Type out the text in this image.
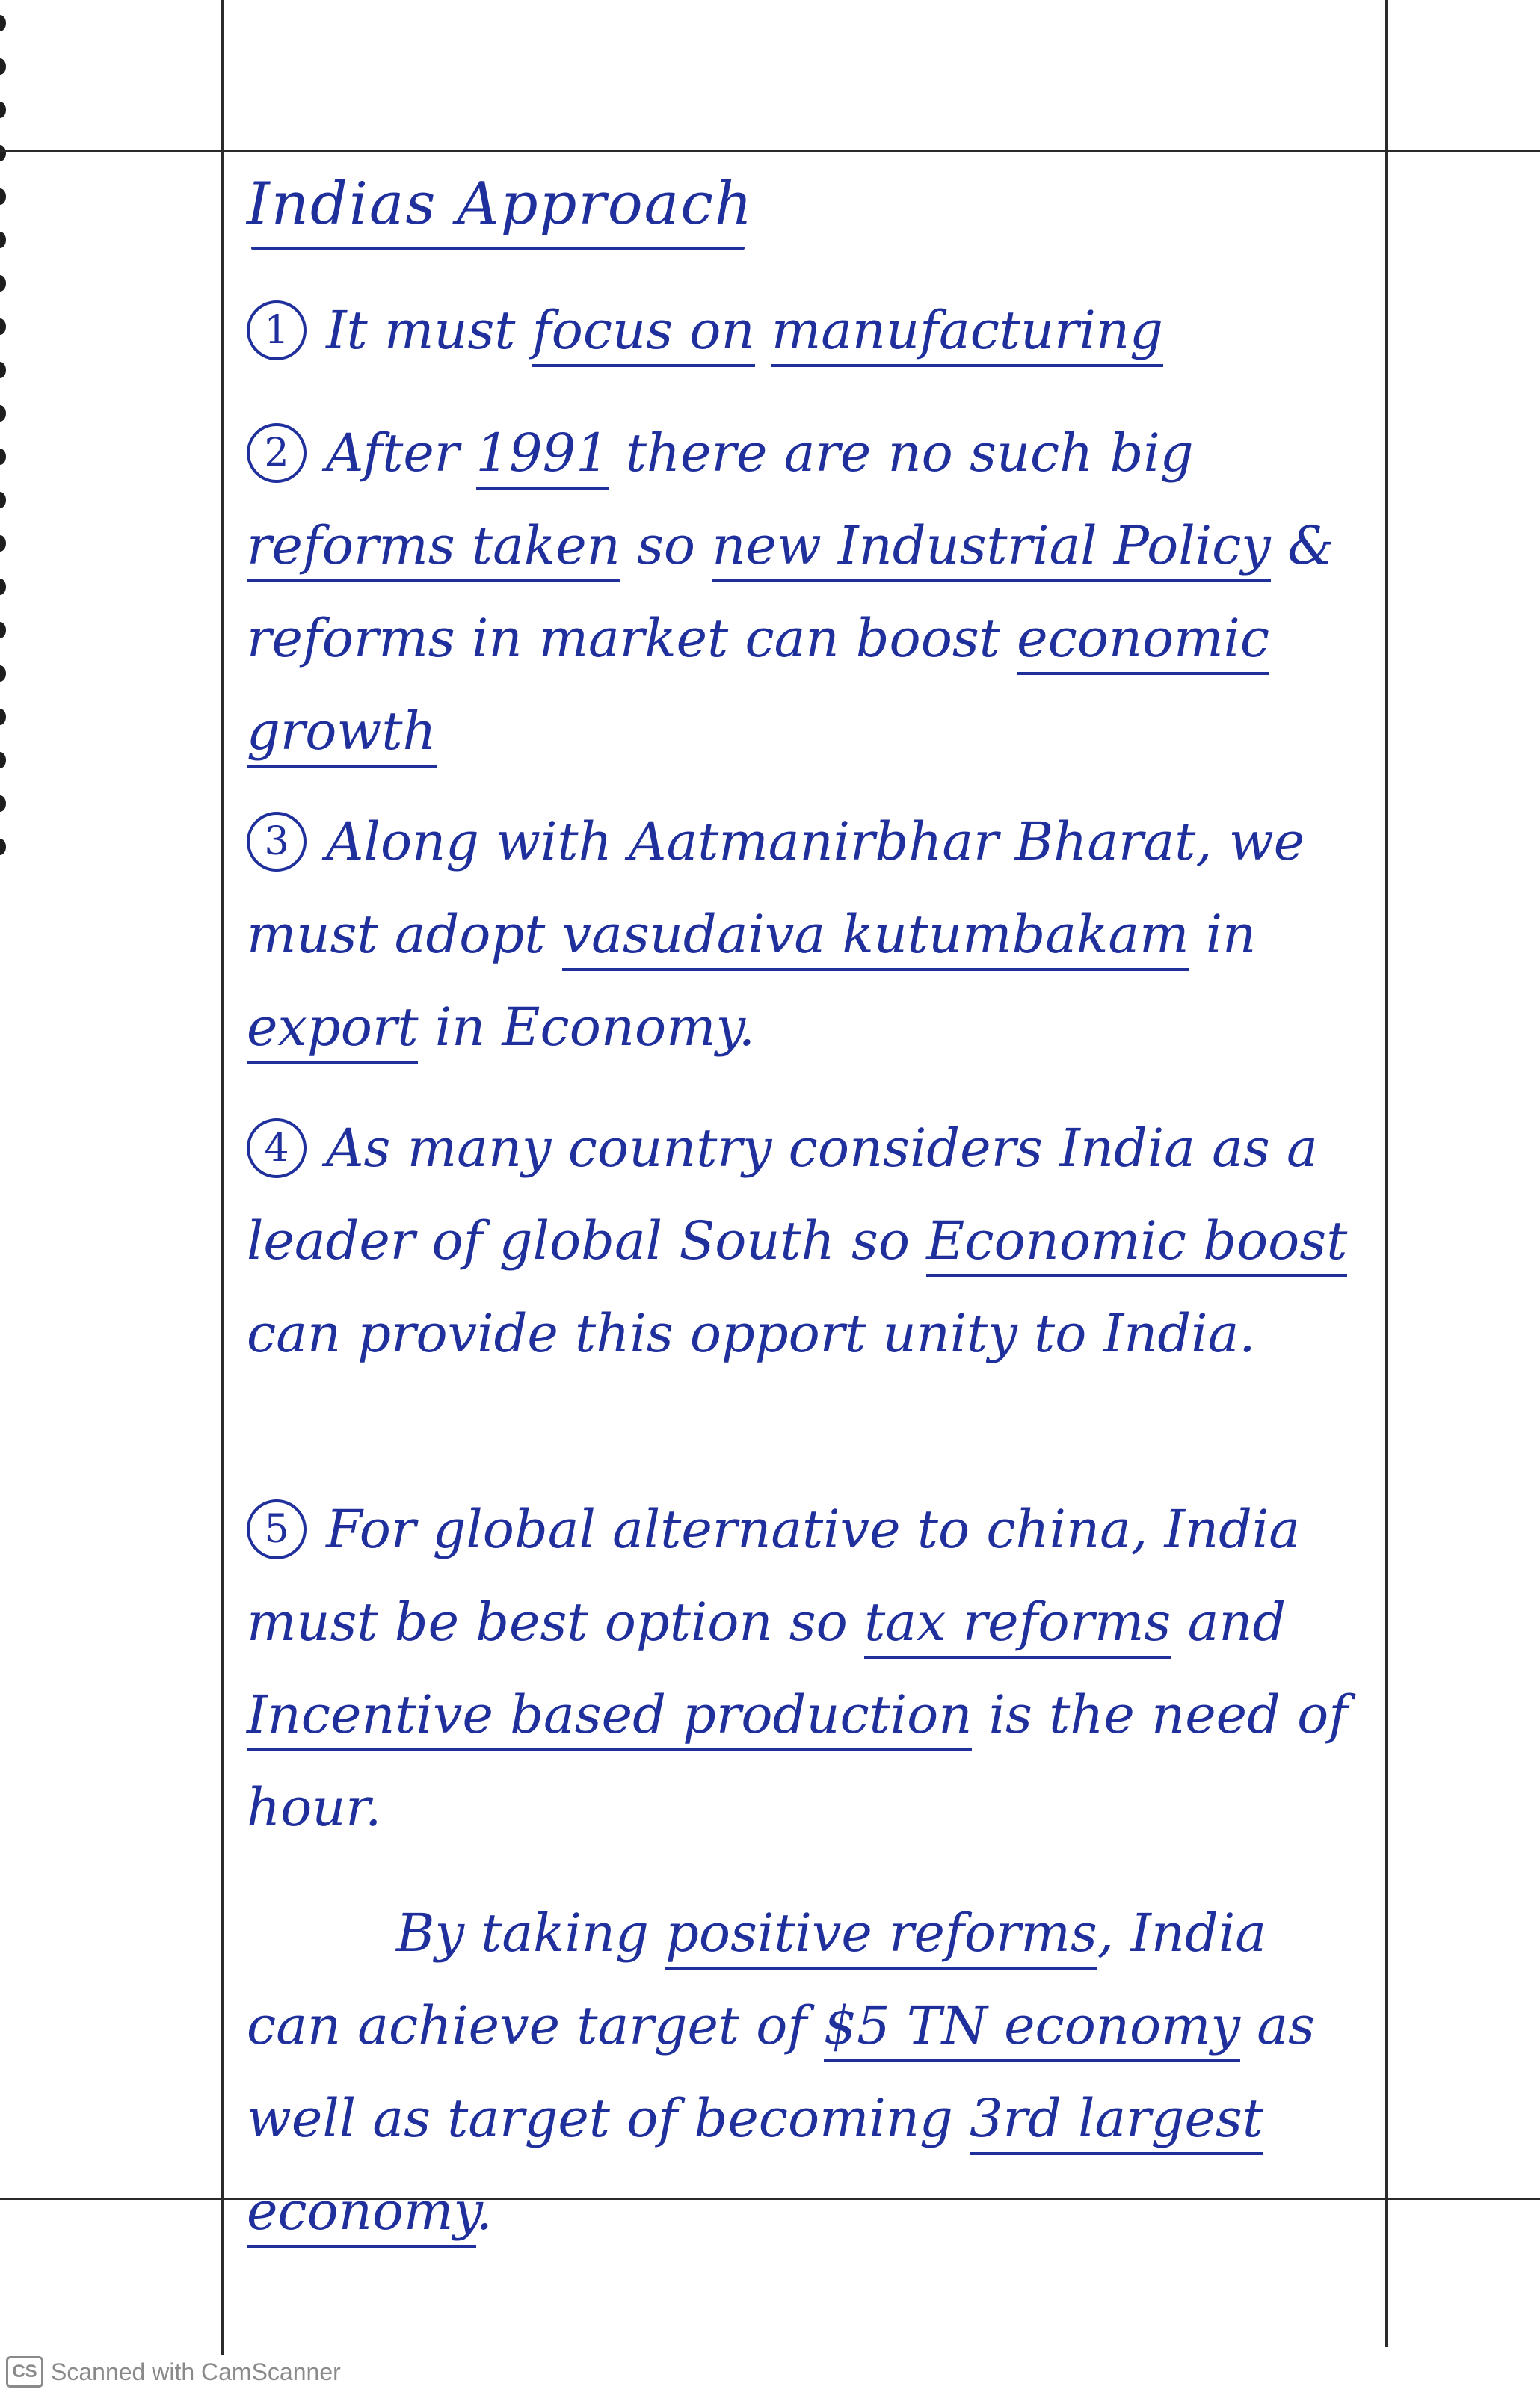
Indias Approach

1 It must focus on manufacturing

2 After 1991 there are no such big reforms taken so new Industrial Policy & reforms in market can boost economic growth

3 Along with Aatmanirbhar Bharat, we must adopt vasudaiva kutumbakam in export in Economy.

4 As many country considers India as a leader of global South so Economic boost can provide this opport unity to India.

5 For global alternative to china, India must be best option so tax reforms and Incentive based production is the need of hour.

By taking positive reforms, India can achieve target of $5 TN economy as well as target of becoming 3rd largest economy.

CS Scanned with CamScanner
